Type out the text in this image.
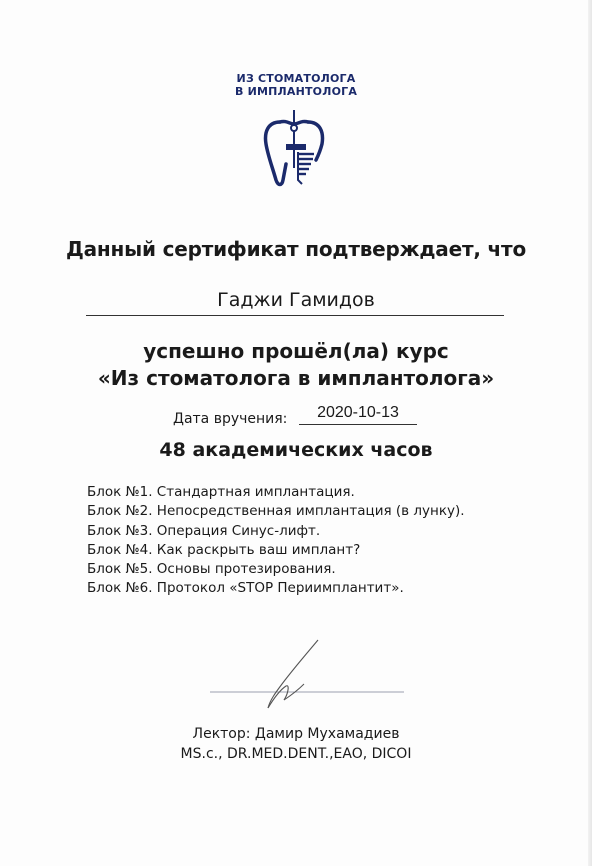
ИЗ СТОМАТОЛОГА
В ИМПЛАНТОЛОГА
Данный сертификат подтверждает, что
Гаджи Гамидов
успешно прошёл(ла) курс
«Из стоматолога в имплантолога»
Дата вручения:	2020-10-13
48 академических часов
Блок №1. Стандартная имплантация.
Блок №2. Непосредственная имплантация (в лунку).
Блок №3. Операция Синус-лифт.
Блок №4. Как раскрыть ваш имплант?
Блок №5. Основы протезирования.
Блок №6. Протокол «STOP Периимплантит».
Лектор: Дамир Мухамадиев
MS.c., DR.MED.DENT.,EAO, DICOI
